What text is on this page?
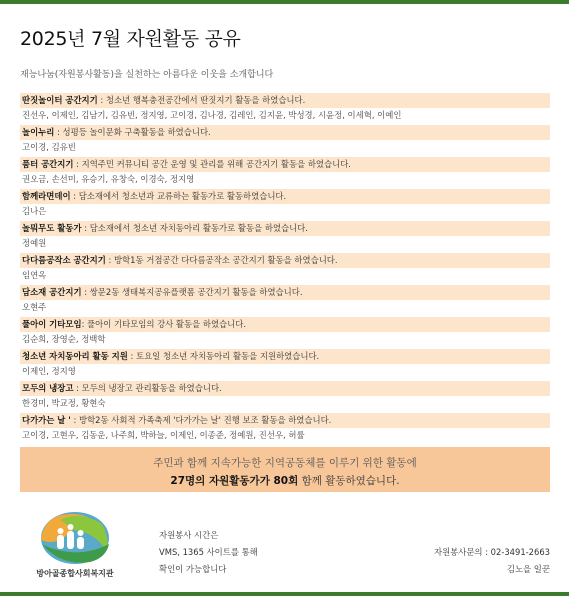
2025년 7월 자원활동 공유
재능나눔(자원봉사활동)을 실천하는 아름다운 이웃을 소개합니다
딴짓놀이터 공간지기 : 청소년 행복충전공간에서 딴짓지기 활동을 하였습니다.
진선우, 이제인, 김남기, 김유빈, 정지영, 고이경, 김나경, 김레인, 김지윤, 박성경, 시윤정, 이세혁, 이예인
놀이누리 : 성평등 놀이문화 구축활동을 하였습니다.
고이경, 김유빈
품터 공간지기 : 지역주민 커뮤니티 공간 운영 및 관리를 위해 공간지기 활동을 하였습니다.
권오금, 손선미, 유승기, 유창숙, 이경숙, 정지영
함께라면데이 : 담소재에서 청소년과 교류하는 활동가로 활동하였습니다.
김나은
놀뭐무도 활동가 : 담소재에서 청소년 자치동아리 활동가로 활동을 하였습니다.
정예원
다다름공작소 공간지기 : 방학1동 거점공간 다다름공작소 공간지기 활동을 하였습니다.
임연옥
담소재 공간지기 : 쌍문2동 생태복지공유플랫폼 공간지기 활동을 하였습니다.
오현주
풀아이 기타모임: 풀아이 기타모임의 강사 활동을 하였습니다.
김순희, 장영순, 정백학
청소년 자치동아리 활동 지원 : 토요일 청소년 자치동아리 활동을 지원하였습니다.
이제인, 정지영
모두의 냉장고 : 모두의 냉장고 관리활동을 하였습니다.
한경미, 박교정, 황현숙
다가가는 날 ' : 방학2동 사회적 가족축제 '다가가는 날' 진행 보조 활동을 하였습니다.
고이경, 고현우, 김동운, 나주희, 박하늘, 이제인, 이종준, 정예원, 진선우, 허률
주민과 함께 지속가능한 지역공동체를 이루기 위한 활동에
27명의 자원활동가가 80회 함께 활동하였습니다.
방아골종합사회복지관
자원봉사 시간은
VMS, 1365 사이트를 통해
확인이 가능합니다
자원봉사문의 : 02-3491-2663
김노을 일꾼
